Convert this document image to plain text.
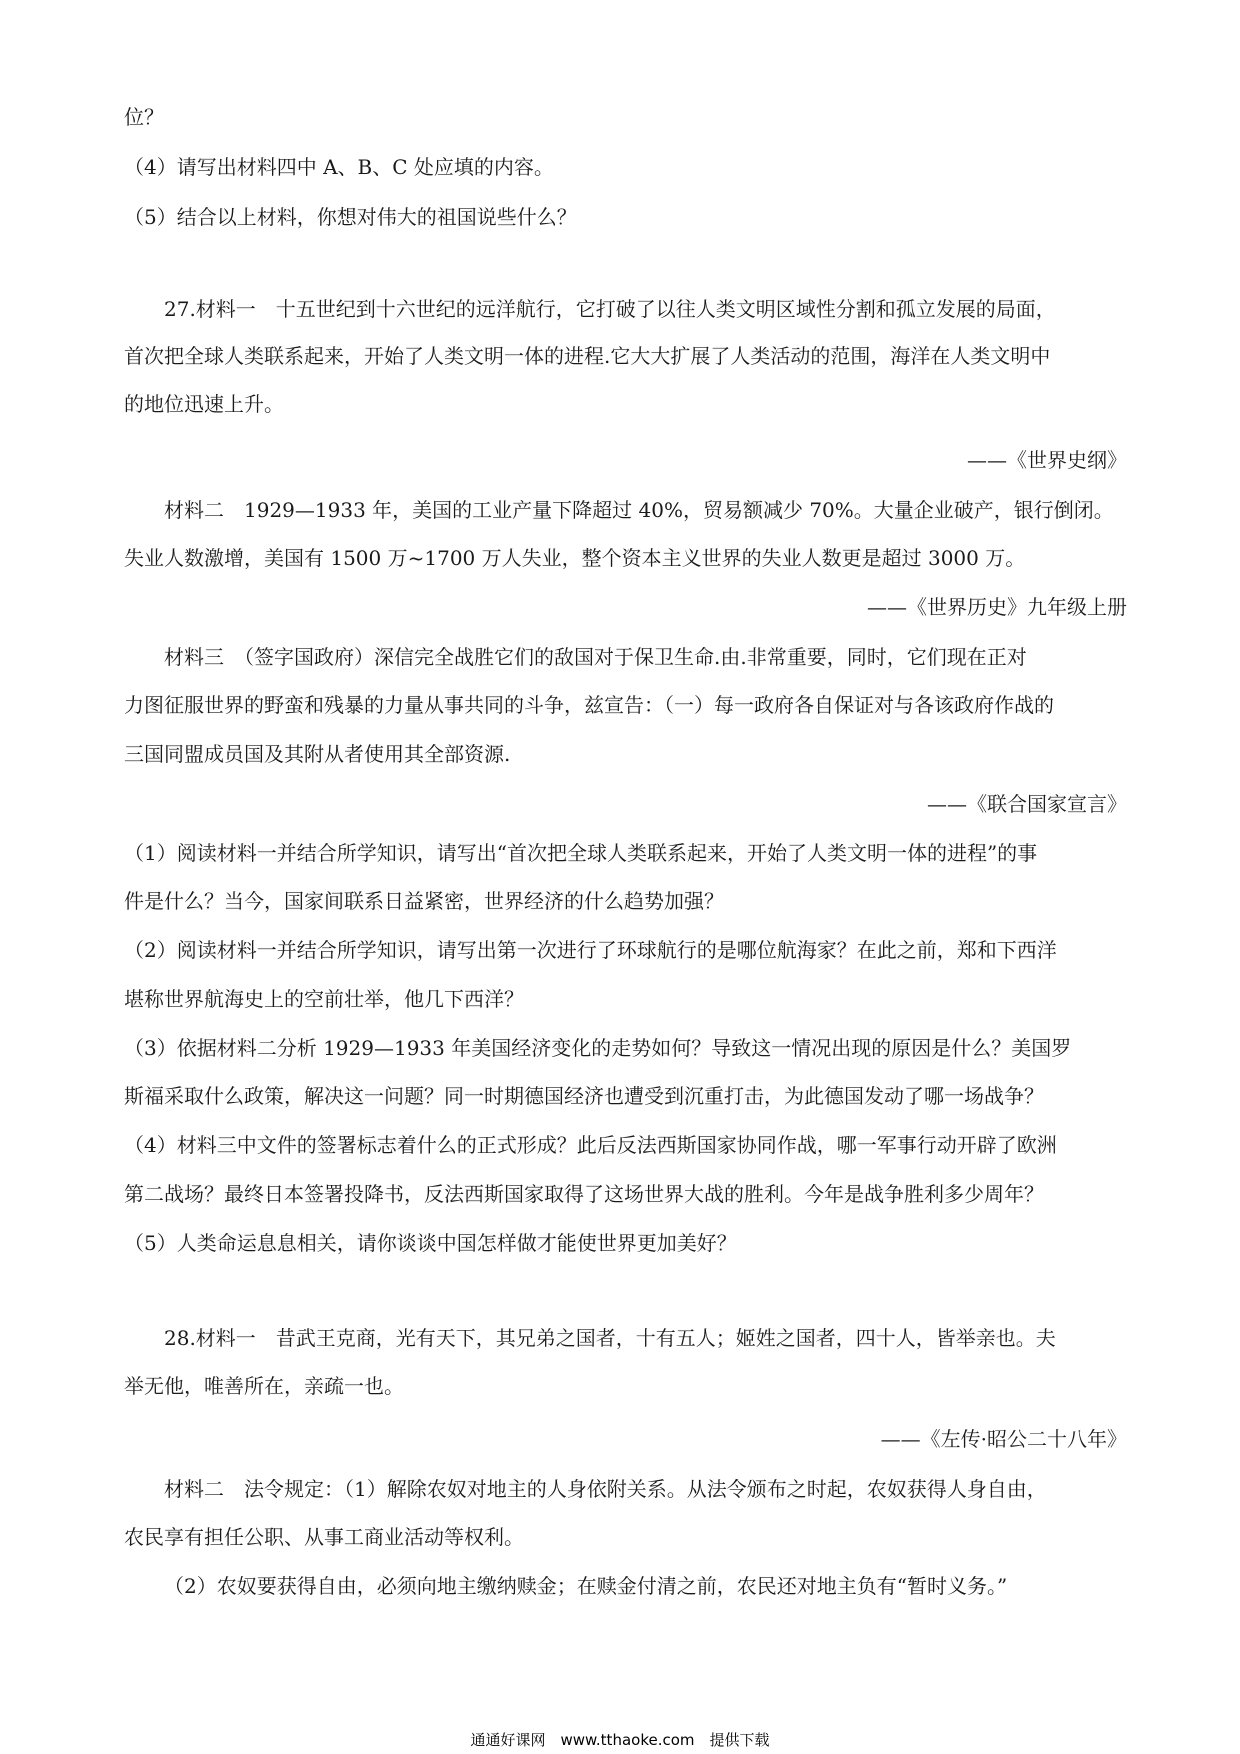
位？
（4）请写出材料四中 A、B、C 处应填的内容。
（5）结合以上材料，你想对伟大的祖国说些什么？
27.材料一　十五世纪到十六世纪的远洋航行，它打破了以往人类文明区域性分割和孤立发展的局面，
首次把全球人类联系起来，开始了人类文明一体的进程.它大大扩展了人类活动的范围，海洋在人类文明中
的地位迅速上升。
——《世界史纲》
材料二　1929—1933 年，美国的工业产量下降超过 40%，贸易额减少 70%。大量企业破产，银行倒闭。
失业人数激增，美国有 1500 万~1700 万人失业，整个资本主义世界的失业人数更是超过 3000 万。
——《世界历史》九年级上册
材料三　（签字国政府）深信完全战胜它们的敌国对于保卫生命.由.非常重要，同时，它们现在正对
力图征服世界的野蛮和残暴的力量从事共同的斗争，兹宣告：（一）每一政府各自保证对与各该政府作战的
三国同盟成员国及其附从者使用其全部资源.
——《联合国家宣言》
（1）阅读材料一并结合所学知识，请写出“首次把全球人类联系起来，开始了人类文明一体的进程”的事
件是什么？当今，国家间联系日益紧密，世界经济的什么趋势加强？
（2）阅读材料一并结合所学知识，请写出第一次进行了环球航行的是哪位航海家？在此之前，郑和下西洋
堪称世界航海史上的空前壮举，他几下西洋？
（3）依据材料二分析 1929—1933 年美国经济变化的走势如何？导致这一情况出现的原因是什么？美国罗
斯福采取什么政策，解决这一问题？同一时期德国经济也遭受到沉重打击，为此德国发动了哪一场战争？
（4）材料三中文件的签署标志着什么的正式形成？此后反法西斯国家协同作战，哪一军事行动开辟了欧洲
第二战场？最终日本签署投降书，反法西斯国家取得了这场世界大战的胜利。今年是战争胜利多少周年？
（5）人类命运息息相关，请你谈谈中国怎样做才能使世界更加美好？
28.材料一　昔武王克商，光有天下，其兄弟之国者，十有五人；姬姓之国者，四十人，皆举亲也。夫
举无他，唯善所在，亲疏一也。
——《左传·昭公二十八年》
材料二　法令规定：（1）解除农奴对地主的人身依附关系。从法令颁布之时起，农奴获得人身自由，
农民享有担任公职、从事工商业活动等权利。
（2）农奴要获得自由，必须向地主缴纳赎金；在赎金付清之前，农民还对地主负有“暂时义务。”
通通好课网　www.tthaoke.com　提供下载
